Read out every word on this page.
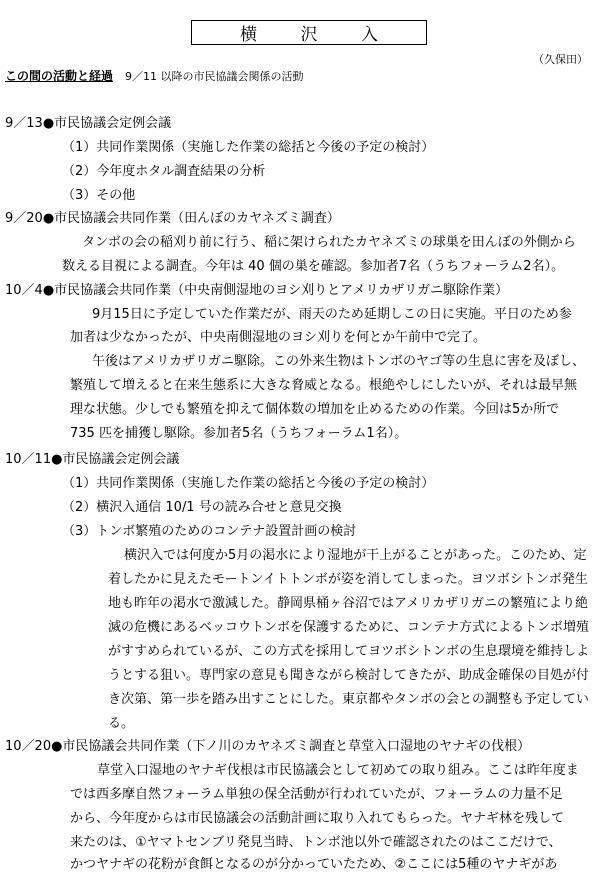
横	沢	入
（久保田）
この間の活動と経過 9／11 以降の市民協議会関係の活動
9／13●市民協議会定例会議
（1）共同作業関係（実施した作業の総括と今後の予定の検討）
（2）今年度ホタル調査結果の分析
（3）その他
9／20●市民協議会共同作業（田んぼのカヤネズミ調査）
タンボの会の稲刈り前に行う、稲に架けられたカヤネズミの球巣を田んぼの外側から
数える目視による調査。今年は 40 個の巣を確認。参加者7名（うちフォーラム2名）。
10／4●市民協議会共同作業（中央南側湿地のヨシ刈りとアメリカザリガニ駆除作業）
9月15日に予定していた作業だが、雨天のため延期しこの日に実施。平日のため参
加者は少なかったが、中央南側湿地のヨシ刈りを何とか午前中で完了。
午後はアメリカザリガニ駆除。この外来生物はトンボのヤゴ等の生息に害を及ぼし、
繁殖して増えると在来生態系に大きな脅威となる。根絶やしにしたいが、それは最早無
理な状態。少しでも繁殖を抑えて個体数の増加を止めるための作業。今回は5か所で
735 匹を捕獲し駆除。参加者5名（うちフォーラム1名）。
10／11●市民協議会定例会議
（1）共同作業関係（実施した作業の総括と今後の予定の検討）
（2）横沢入通信 10/1 号の読み合せと意見交換
（3）トンボ繁殖のためのコンテナ設置計画の検討
横沢入では何度か5月の渇水により湿地が干上がることがあった。このため、定
着したかに見えたモートンイトトンボが姿を消してしまった。ヨツボシトンボ発生
地も昨年の渇水で激減した。静岡県桶ヶ谷沼ではアメリカザリガニの繁殖により絶
滅の危機にあるベッコウトンボを保護するために、コンテナ方式によるトンボ増殖
がすすめられているが、この方式を採用してヨツボシトンボの生息環境を維持しよ
うとする狙い。専門家の意見も聞きながら検討してきたが、助成金確保の目処が付
き次第、第一歩を踏み出すことにした。東京都やタンボの会との調整も予定してい
る。
10／20●市民協議会共同作業（下ノ川のカヤネズミ調査と草堂入口湿地のヤナギの伐根）
草堂入口湿地のヤナギ伐根は市民協議会として初めての取り組み。ここは昨年度ま
では西多摩自然フォーラム単独の保全活動が行われていたが、フォーラムの力量不足
から、今年度からは市民協議会の活動計画に取り入れてもらった。ヤナギ林を残して
来たのは、①ヤマトセンブリ発見当時、トンボ池以外で確認されたのはここだけで、
かつヤナギの花粉が食餌となるのが分かっていたため、②ここには5種のヤナギがあ
